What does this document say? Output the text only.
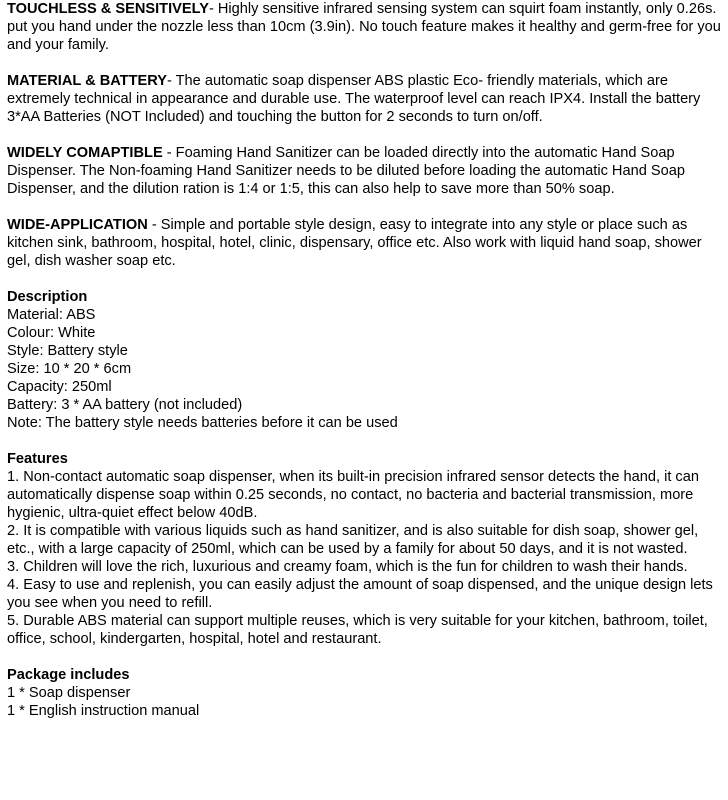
TOUCHLESS & SENSITIVELY- Highly sensitive infrared sensing system can squirt foam instantly, only 0.26s. put you hand under the nozzle less than 10cm (3.9in). No touch feature makes it healthy and germ-free for you and your family.

MATERIAL & BATTERY- The automatic soap dispenser ABS plastic Eco- friendly materials, which are extremely technical in appearance and durable use. The waterproof level can reach IPX4. Install the battery 3*AA Batteries (NOT Included) and touching the button for 2 seconds to turn on/off.

WIDELY COMAPTIBLE - Foaming Hand Sanitizer can be loaded directly into the automatic Hand Soap Dispenser. The Non-foaming Hand Sanitizer needs to be diluted before loading the automatic Hand Soap Dispenser, and the dilution ration is 1:4 or 1:5, this can also help to save more than 50% soap.

WIDE-APPLICATION - Simple and portable style design, easy to integrate into any style or place such as kitchen sink, bathroom, hospital, hotel, clinic, dispensary, office etc. Also work with liquid hand soap, shower gel, dish washer soap etc.

Description
Material: ABS
Colour: White
Style: Battery style
Size: 10 * 20 * 6cm
Capacity: 250ml
Battery: 3 * AA battery (not included)
Note: The battery style needs batteries before it can be used
Features
1. Non-contact automatic soap dispenser, when its built-in precision infrared sensor detects the hand, it can automatically dispense soap within 0.25 seconds, no contact, no bacteria and bacterial transmission, more hygienic, ultra-quiet effect below 40dB.
2. It is compatible with various liquids such as hand sanitizer, and is also suitable for dish soap, shower gel, etc., with a large capacity of 250ml, which can be used by a family for about 50 days, and it is not wasted.
3. Children will love the rich, luxurious and creamy foam, which is the fun for children to wash their hands.
4. Easy to use and replenish, you can easily adjust the amount of soap dispensed, and the unique design lets you see when you need to refill.
5. Durable ABS material can support multiple reuses, which is very suitable for your kitchen, bathroom, toilet, office, school, kindergarten, hospital, hotel and restaurant.
Package includes
1 * Soap dispenser
1 * English instruction manual
